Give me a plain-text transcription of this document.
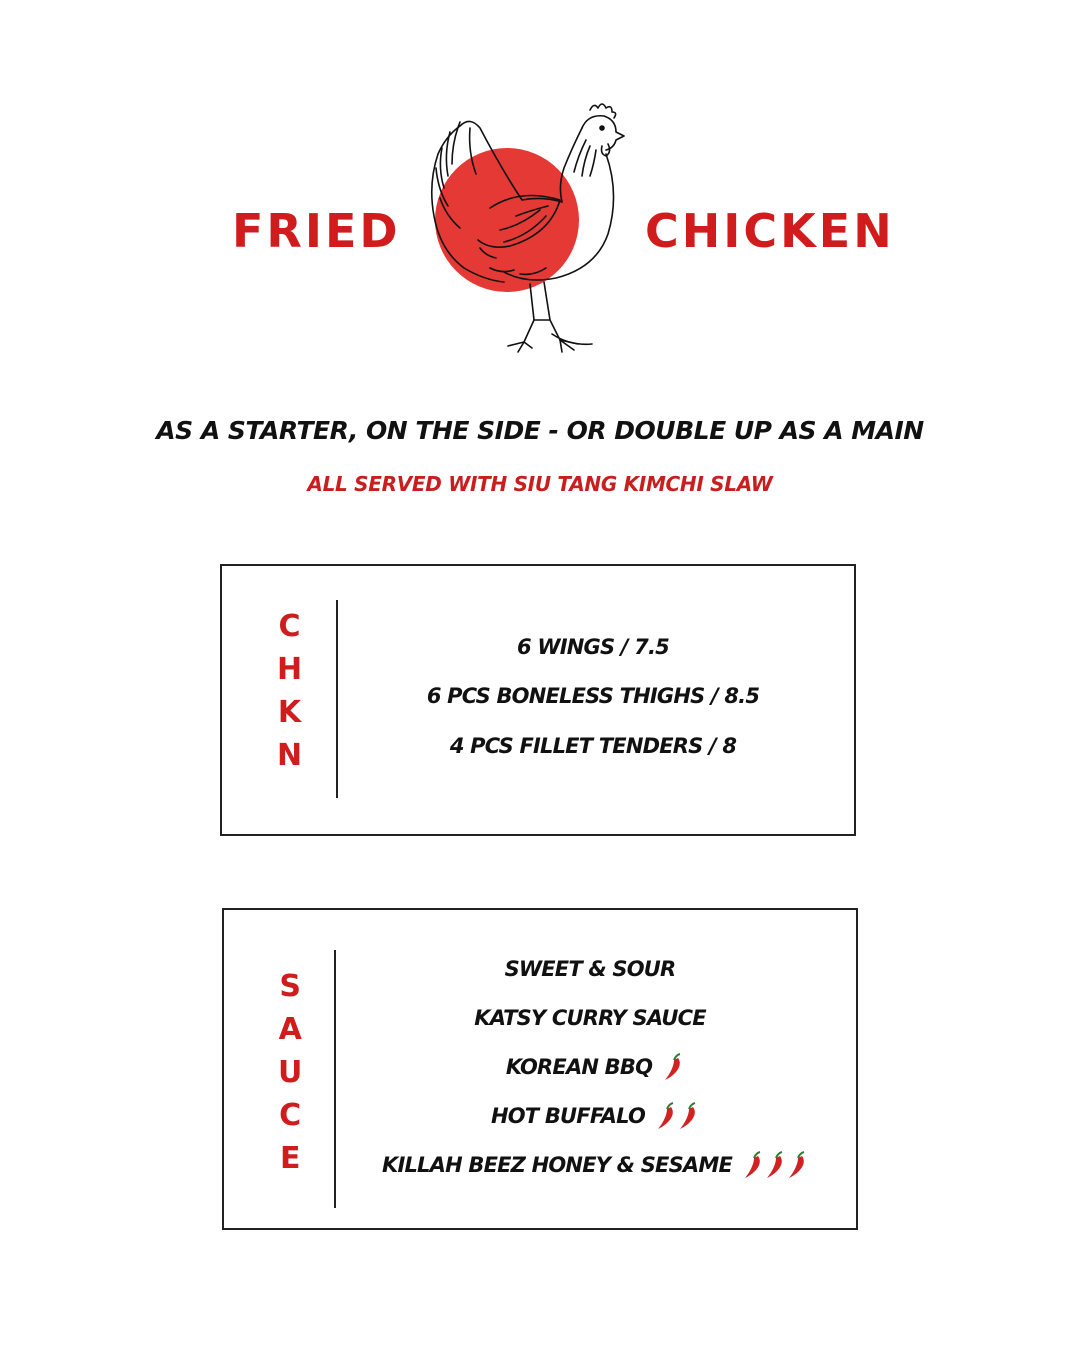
FRIED	CHICKEN
AS A STARTER, ON THE SIDE - OR DOUBLE UP AS A MAIN
ALL SERVED WITH SIU TANG KIMCHI SLAW
C
H
K
N
6 WINGS / 7.5
6 PCS BONELESS THIGHS / 8.5
4 PCS FILLET TENDERS / 8
S
A
U
C
E
SWEET & SOUR
KATSY CURRY SAUCE
KOREAN BBQ
HOT BUFFALO
KILLAH BEEZ HONEY & SESAME
